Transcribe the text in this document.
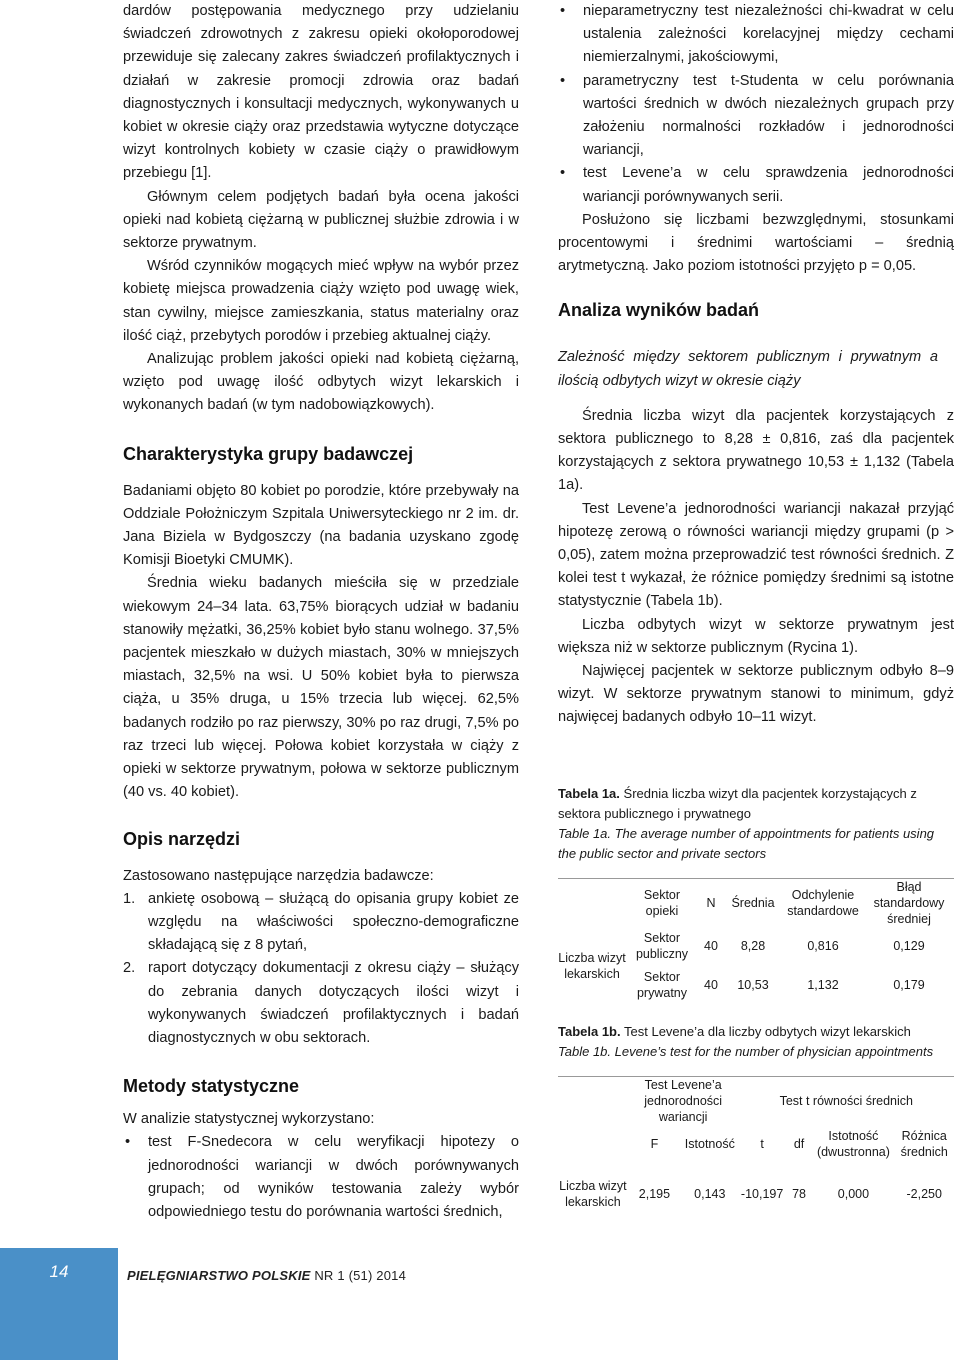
dardów postępowania medycznego przy udzielaniu świadczeń zdrowotnych z zakresu opieki okołoporodowej przewiduje się zalecany zakres świadczeń profilaktycznych i działań w zakresie promocji zdrowia oraz badań diagnostycznych i konsultacji medycznych, wykonywanych u kobiet w okresie ciąży oraz przedstawia wytyczne dotyczące wizyt kontrolnych kobiety w czasie ciąży o prawidłowym przebiegu [1].

Głównym celem podjętych badań była ocena jakości opieki nad kobietą ciężarną w publicznej służbie zdrowia i w sektorze prywatnym.

Wśród czynników mogących mieć wpływ na wybór przez kobietę miejsca prowadzenia ciąży wzięto pod uwagę wiek, stan cywilny, miejsce zamieszkania, status materialny oraz ilość ciąż, przebytych porodów i przebieg aktualnej ciąży.

Analizując problem jakości opieki nad kobietą ciężarną, wzięto pod uwagę ilość odbytych wizyt lekarskich i wykonanych badań (w tym nadobowiązkowych).

Charakterystyka grupy badawczej

Badaniami objęto 80 kobiet po porodzie, które przebywały na Oddziale Położniczym Szpitala Uniwersyteckiego nr 2 im. dr. Jana Biziela w Bydgoszczy (na badania uzyskano zgodę Komisji Bioetyki CMUMK).

Średnia wieku badanych mieściła się w przedziale wiekowym 24–34 lata. 63,75% biorących udział w badaniu stanowiły mężatki, 36,25% kobiet było stanu wolnego. 37,5% pacjentek mieszkało w dużych miastach, 30% w mniejszych miastach, 32,5% na wsi. U 50% kobiet była to pierwsza ciąża, u 35% druga, u 15% trzecia lub więcej. 62,5% badanych rodziło po raz pierwszy, 30% po raz drugi, 7,5% po raz trzeci lub więcej. Połowa kobiet korzystała w ciąży z opieki w sektorze prywatnym, połowa w sektorze publicznym (40 vs. 40 kobiet).

Opis narzędzi

Zastosowano następujące narzędzia badawcze:

1. ankietę osobową – służącą do opisania grupy kobiet ze względu na właściwości społeczno-demograficzne składającą się z 8 pytań,
2. raport dotyczący dokumentacji z okresu ciąży – służący do zebrania danych dotyczących ilości wizyt i wykonywanych świadczeń profilaktycznych i badań diagnostycznych w obu sektorach.
Metody statystyczne

W analizie statystycznej wykorzystano:

• test F-Snedecora w celu weryfikacji hipotezy o jednorodności wariancji w dwóch porównywanych grupach; od wyników testowania zależy wybór odpowiedniego testu do porównania wartości średnich,
• nieparametryczny test niezależności chi-kwadrat w celu ustalenia zależności korelacyjnej między cechami niemierzalnymi, jakościowymi,
• parametryczny test t-Studenta w celu porównania wartości średnich w dwóch niezależnych grupach przy założeniu normalności rozkładów i jednorodności wariancji,
• test Levene’a w celu sprawdzenia jednorodności wariancji porównywanych serii.

Posłużono się liczbami bezwzględnymi, stosunkami procentowymi i średnimi wartościami – średnią arytmetyczną. Jako poziom istotności przyjęto p = 0,05.

Analiza wyników badań

Zależność między sektorem publicznym i prywatnym a ilością odbytych wizyt w okresie ciąży

Średnia liczba wizyt dla pacjentek korzystających z sektora publicznego to 8,28 ± 0,816, zaś dla pacjentek korzystających z sektora prywatnego 10,53 ± 1,132 (Tabela 1a).

Test Levene’a jednorodności wariancji nakazał przyjąć hipotezę zerową o równości wariancji między grupami (p > 0,05), zatem można przeprowadzić test równości średnich. Z kolei test t wykazał, że różnice pomiędzy średnimi są istotne statystycznie (Tabela 1b).

Liczba odbytych wizyt w sektorze prywatnym jest większa niż w sektorze publicznym (Rycina 1).

Najwięcej pacjentek w sektorze publicznym odbyło 8–9 wizyt. W sektorze prywatnym stanowi to minimum, gdyż najwięcej badanych odbyło 10–11 wizyt.

Tabela 1a. Średnia liczba wizyt dla pacjentek korzystających z sektora publicznego i prywatnego
Table 1a. The average number of appointments for patients using the public sector and private sectors
	Sektor opieki	N	Średnia	Odchylenie standardowe	Błąd standardowy średniej
Liczba wizyt lekarskich	Sektor publiczny	40	8,28	0,816	0,129
	Sektor prywatny	40	10,53	1,132	0,179
Tabela 1b. Test Levene’a dla liczby odbytych wizyt lekarskich
Table 1b. Levene’s test for the number of physician appointments
	Test Levene’a jednorodności wariancji		Test t równości średnich			
	F	Istotność	t	df	Istotność (dwustronna)	Różnica średnich
Liczba wizyt lekarskich	2,195	0,143	-10,197	78	0,000	-2,250
14	PIELĘGNIARSTWO POLSKIE NR 1 (51) 2014
